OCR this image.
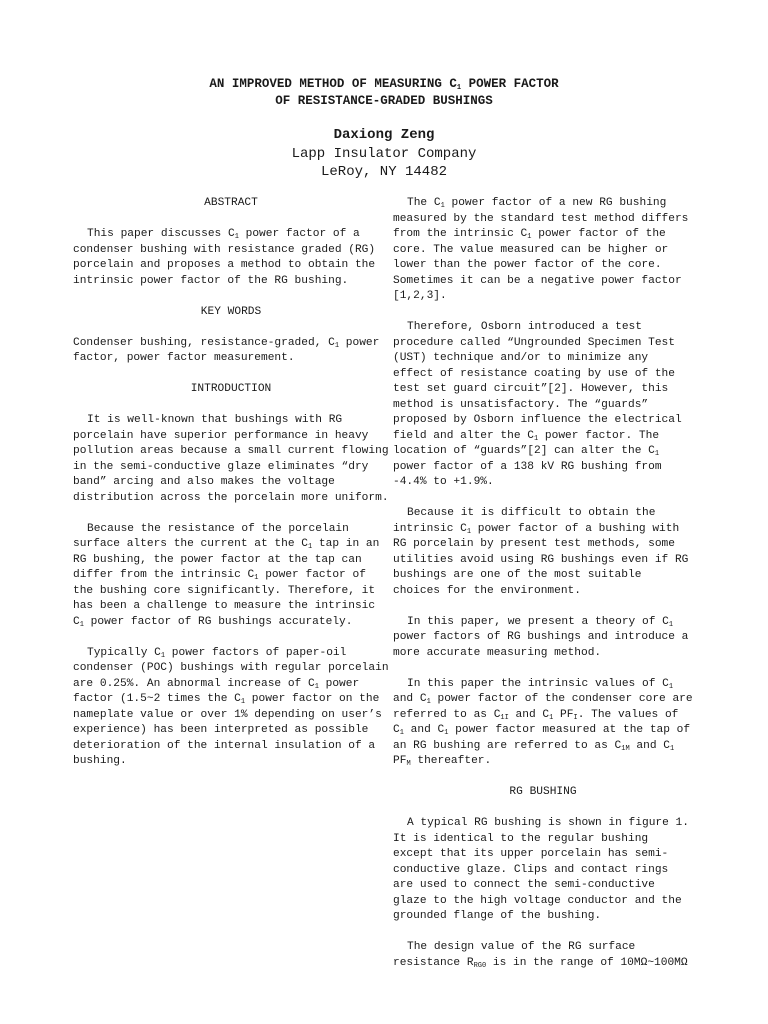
AN IMPROVED METHOD OF MEASURING $C_1$ POWER FACTOR
OF RESISTANCE-GRADED BUSHINGS
Daxiong Zeng
Lapp Insulator Company
LeRoy, NY 14482
ABSTRACT

This paper discusses $C_1$ power factor of a condenser bushing with resistance graded (RG) porcelain and proposes a method to obtain the intrinsic power factor of the RG bushing.

KEY WORDS

Condenser bushing, resistance-graded, $C_1$ power factor, power factor measurement.

INTRODUCTION

It is well-known that bushings with RG porcelain have superior performance in heavy pollution areas because a small current flowing in the semi-conductive glaze eliminates “dry band” arcing and also makes the voltage distribution across the porcelain more uniform.

Because the resistance of the porcelain surface alters the current at the $C_1$ tap in an RG bushing, the power factor at the tap can differ from the intrinsic $C_1$ power factor of the bushing core significantly. Therefore, it has been a challenge to measure the intrinsic $C_1$ power factor of RG bushings accurately.

Typically $C_1$ power factors of paper-oil condenser (POC) bushings with regular porcelain are 0.25%. An abnormal increase of $C_1$ power factor (1.5~2 times the $C_1$ power factor on the nameplate value or over 1% depending on user’s experience) has been interpreted as possible deterioration of the internal insulation of a bushing.

The $C_1$ power factor of a new RG bushing measured by the standard test method differs from the intrinsic $C_1$ power factor of the core. The value measured can be higher or lower than the power factor of the core. Sometimes it can be a negative power factor [1,2,3].

Therefore, Osborn introduced a test procedure called “Ungrounded Specimen Test (UST) technique and/or to minimize any effect of resistance coating by use of the test set guard circuit”[2]. However, this method is unsatisfactory. The “guards” proposed by Osborn influence the electrical field and alter the $C_1$ power factor. The location of “guards”[2] can alter the $C_1$ power factor of a 138 kV RG bushing from -4.4% to +1.9%.

Because it is difficult to obtain the intrinsic $C_1$ power factor of a bushing with RG porcelain by present test methods, some utilities avoid using RG bushings even if RG bushings are one of the most suitable choices for the environment.

In this paper, we present a theory of $C_1$ power factors of RG bushings and introduce a more accurate measuring method.

In this paper the intrinsic values of $C_1$ and $C_1$ power factor of the condenser core are referred to as $C_{1I}$ and $C_1$ $PF_I$. The values of $C_1$ and $C_1$ power factor measured at the tap of an RG bushing are referred to as $C_{1M}$ and $C_1$ $PF_M$ thereafter.

RG BUSHING

A typical RG bushing is shown in figure 1. It is identical to the regular bushing except that its upper porcelain has semi-conductive glaze. Clips and contact rings are used to connect the semi-conductive glaze to the high voltage conductor and the grounded flange of the bushing.

The design value of the RG surface resistance $R_{RG0}$ is in the range of 10MΩ~100MΩ
